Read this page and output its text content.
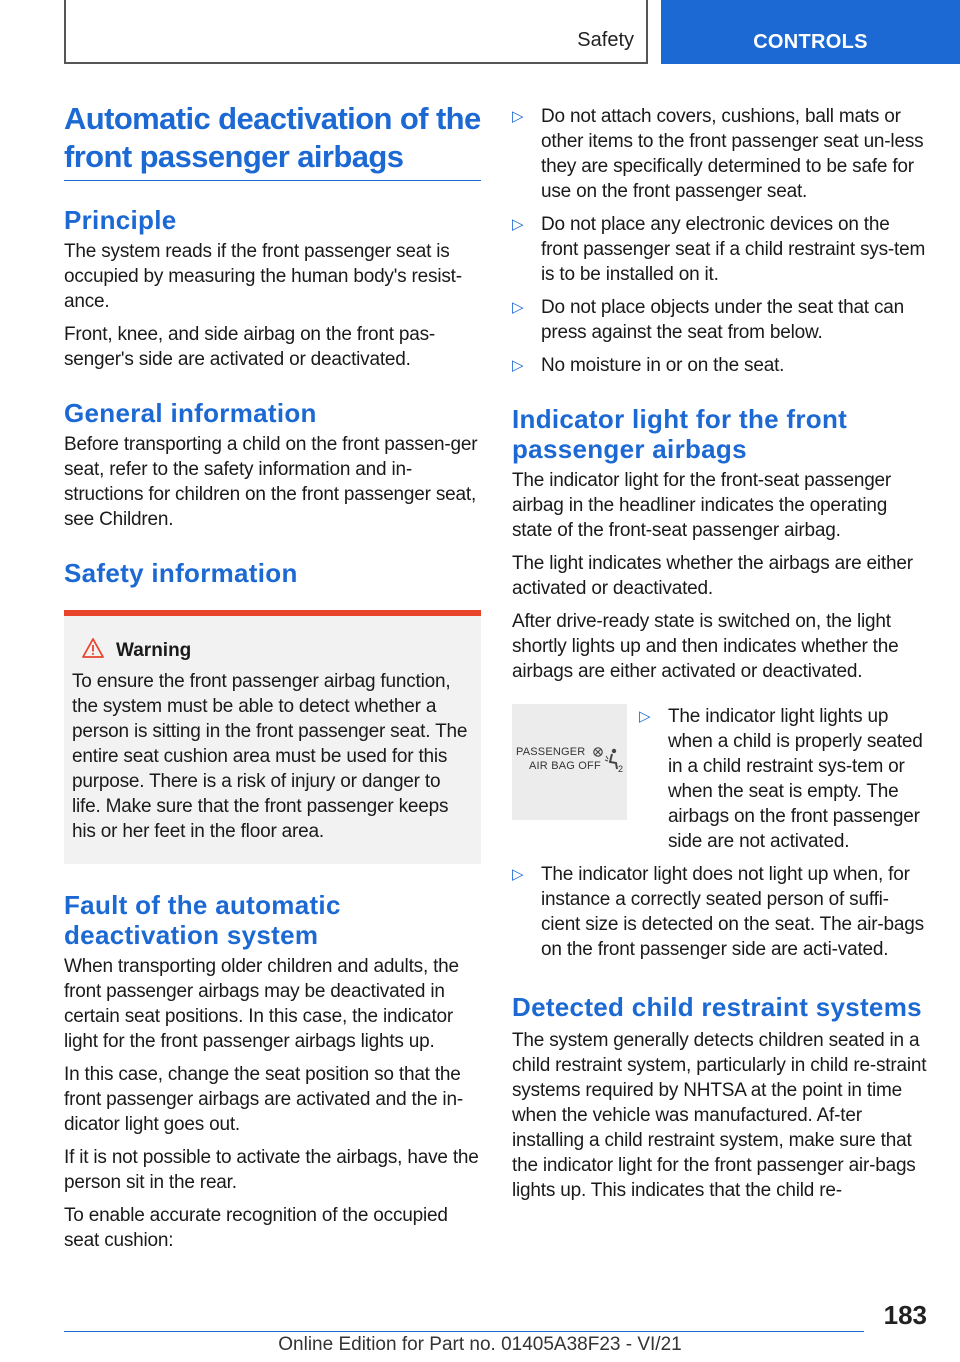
Safety	CONTROLS
Automatic deactivation of the front passenger airbags
Principle

The system reads if the front passenger seat is occupied by measuring the human body's resist‐ance.

Front, knee, and side airbag on the front pas‐senger's side are activated or deactivated.

General information

Before transporting a child on the front passen‐ger seat, refer to the safety information and in‐structions for children on the front passenger seat, see Children.

Safety information
Warning
To ensure the front passenger airbag function, the system must be able to detect whether a person is sitting in the front passenger seat. The entire seat cushion area must be used for this purpose. There is a risk of injury or danger to life. Make sure that the front passenger keeps his or her feet in the floor area.
Fault of the automatic deactivation system

When transporting older children and adults, the front passenger airbags may be deactivated in certain seat positions. In this case, the indicator light for the front passenger airbags lights up.

In this case, change the seat position so that the front passenger airbags are activated and the in‐dicator light goes out.

If it is not possible to activate the airbags, have the person sit in the rear.

To enable accurate recognition of the occupied seat cushion:

▷ Do not attach covers, cushions, ball mats or other items to the front passenger seat un‐less they are specifically determined to be safe for use on the front passenger seat.
▷ Do not place any electronic devices on the front passenger seat if a child restraint sys‐tem is to be installed on it.
▷ Do not place objects under the seat that can press against the seat from below.
▷ No moisture in or on the seat.
Indicator light for the front passenger airbags

The indicator light for the front-seat passenger airbag in the headliner indicates the operating state of the front-seat passenger airbag.

The light indicates whether the airbags are either activated or deactivated.

After drive-ready state is switched on, the light shortly lights up and then indicates whether the airbags are either activated or deactivated.

PASSENGER
AIR BAG OFF 2
▷ The indicator light lights up when a child is properly seated in a child restraint sys‐tem or when the seat is empty. The airbags on the front passenger side are not activated.
▷ The indicator light does not light up when, for instance a correctly seated person of suffi‐cient size is detected on the seat. The air‐bags on the front passenger side are acti‐vated.
Detected child restraint systems

The system generally detects children seated in a child restraint system, particularly in child re‐straint systems required by NHTSA at the point in time when the vehicle was manufactured. Af‐ter installing a child restraint system, make sure that the indicator light for the front passenger air‐bags lights up. This indicates that the child re‐

183
Online Edition for Part no. 01405A38F23 - VI/21
